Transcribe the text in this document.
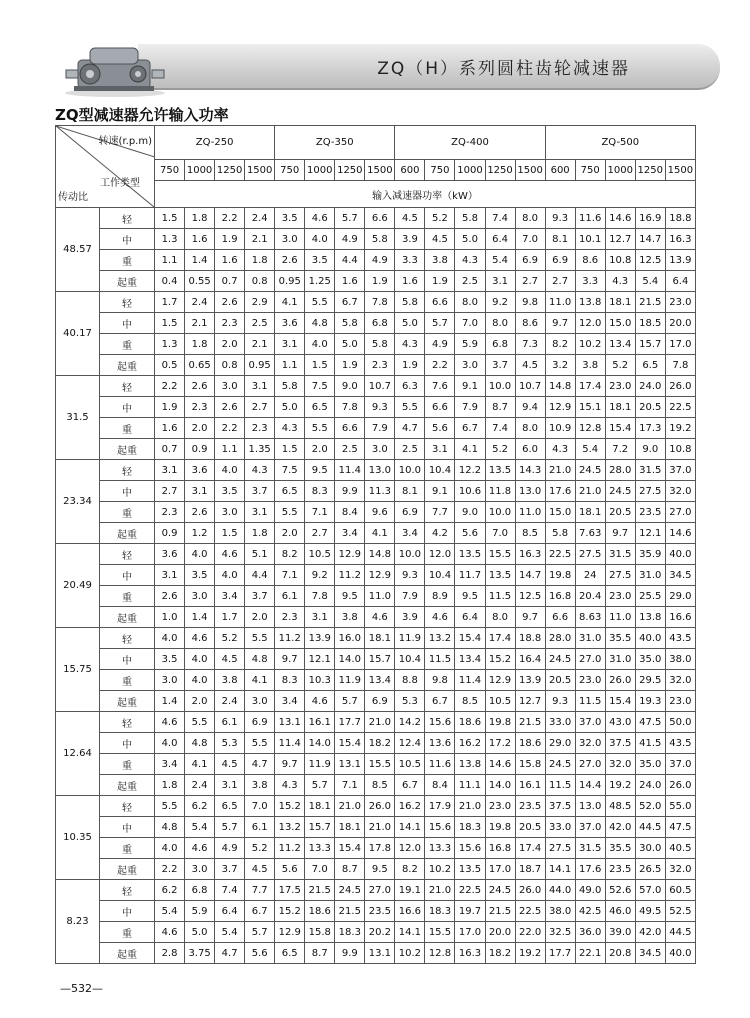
ZQ（H）系列圆柱齿轮减速器
ZQ型减速器允许输入功率
转速(r.p.m)
工作类型
传动比		ZQ-250				ZQ-350				ZQ-400					ZQ-500				
		750	1000	1250	1500	750	1000	1250	1500	600	750	1000	1250	1500	600	750	1000	1250	1500
		输入减速器功率（kW）																	
48.57	轻	1.5	1.8	2.2	2.4	3.5	4.6	5.7	6.6	4.5	5.2	5.8	7.4	8.0	9.3	11.6	14.6	16.9	18.8
	中	1.3	1.6	1.9	2.1	3.0	4.0	4.9	5.8	3.9	4.5	5.0	6.4	7.0	8.1	10.1	12.7	14.7	16.3
	重	1.1	1.4	1.6	1.8	2.6	3.5	4.4	4.9	3.3	3.8	4.3	5.4	6.9	6.9	8.6	10.8	12.5	13.9
	起重	0.4	0.55	0.7	0.8	0.95	1.25	1.6	1.9	1.6	1.9	2.5	3.1	2.7	2.7	3.3	4.3	5.4	6.4
40.17	轻	1.7	2.4	2.6	2.9	4.1	5.5	6.7	7.8	5.8	6.6	8.0	9.2	9.8	11.0	13.8	18.1	21.5	23.0
	中	1.5	2.1	2.3	2.5	3.6	4.8	5.8	6.8	5.0	5.7	7.0	8.0	8.6	9.7	12.0	15.0	18.5	20.0
	重	1.3	1.8	2.0	2.1	3.1	4.0	5.0	5.8	4.3	4.9	5.9	6.8	7.3	8.2	10.2	13.4	15.7	17.0
	起重	0.5	0.65	0.8	0.95	1.1	1.5	1.9	2.3	1.9	2.2	3.0	3.7	4.5	3.2	3.8	5.2	6.5	7.8
31.5	轻	2.2	2.6	3.0	3.1	5.8	7.5	9.0	10.7	6.3	7.6	9.1	10.0	10.7	14.8	17.4	23.0	24.0	26.0
	中	1.9	2.3	2.6	2.7	5.0	6.5	7.8	9.3	5.5	6.6	7.9	8.7	9.4	12.9	15.1	18.1	20.5	22.5
	重	1.6	2.0	2.2	2.3	4.3	5.5	6.6	7.9	4.7	5.6	6.7	7.4	8.0	10.9	12.8	15.4	17.3	19.2
	起重	0.7	0.9	1.1	1.35	1.5	2.0	2.5	3.0	2.5	3.1	4.1	5.2	6.0	4.3	5.4	7.2	9.0	10.8
23.34	轻	3.1	3.6	4.0	4.3	7.5	9.5	11.4	13.0	10.0	10.4	12.2	13.5	14.3	21.0	24.5	28.0	31.5	37.0
	中	2.7	3.1	3.5	3.7	6.5	8.3	9.9	11.3	8.1	9.1	10.6	11.8	13.0	17.6	21.0	24.5	27.5	32.0
	重	2.3	2.6	3.0	3.1	5.5	7.1	8.4	9.6	6.9	7.7	9.0	10.0	11.0	15.0	18.1	20.5	23.5	27.0
	起重	0.9	1.2	1.5	1.8	2.0	2.7	3.4	4.1	3.4	4.2	5.6	7.0	8.5	5.8	7.63	9.7	12.1	14.6
20.49	轻	3.6	4.0	4.6	5.1	8.2	10.5	12.9	14.8	10.0	12.0	13.5	15.5	16.3	22.5	27.5	31.5	35.9	40.0
	中	3.1	3.5	4.0	4.4	7.1	9.2	11.2	12.9	9.3	10.4	11.7	13.5	14.7	19.8	24	27.5	31.0	34.5
	重	2.6	3.0	3.4	3.7	6.1	7.8	9.5	11.0	7.9	8.9	9.5	11.5	12.5	16.8	20.4	23.0	25.5	29.0
	起重	1.0	1.4	1.7	2.0	2.3	3.1	3.8	4.6	3.9	4.6	6.4	8.0	9.7	6.6	8.63	11.0	13.8	16.6
15.75	轻	4.0	4.6	5.2	5.5	11.2	13.9	16.0	18.1	11.9	13.2	15.4	17.4	18.8	28.0	31.0	35.5	40.0	43.5
	中	3.5	4.0	4.5	4.8	9.7	12.1	14.0	15.7	10.4	11.5	13.4	15.2	16.4	24.5	27.0	31.0	35.0	38.0
	重	3.0	4.0	3.8	4.1	8.3	10.3	11.9	13.4	8.8	9.8	11.4	12.9	13.9	20.5	23.0	26.0	29.5	32.0
	起重	1.4	2.0	2.4	3.0	3.4	4.6	5.7	6.9	5.3	6.7	8.5	10.5	12.7	9.3	11.5	15.4	19.3	23.0
12.64	轻	4.6	5.5	6.1	6.9	13.1	16.1	17.7	21.0	14.2	15.6	18.6	19.8	21.5	33.0	37.0	43.0	47.5	50.0
	中	4.0	4.8	5.3	5.5	11.4	14.0	15.4	18.2	12.4	13.6	16.2	17.2	18.6	29.0	32.0	37.5	41.5	43.5
	重	3.4	4.1	4.5	4.7	9.7	11.9	13.1	15.5	10.5	11.6	13.8	14.6	15.8	24.5	27.0	32.0	35.0	37.0
	起重	1.8	2.4	3.1	3.8	4.3	5.7	7.1	8.5	6.7	8.4	11.1	14.0	16.1	11.5	14.4	19.2	24.0	26.0
10.35	轻	5.5	6.2	6.5	7.0	15.2	18.1	21.0	26.0	16.2	17.9	21.0	23.0	23.5	37.5	13.0	48.5	52.0	55.0
	中	4.8	5.4	5.7	6.1	13.2	15.7	18.1	21.0	14.1	15.6	18.3	19.8	20.5	33.0	37.0	42.0	44.5	47.5
	重	4.0	4.6	4.9	5.2	11.2	13.3	15.4	17.8	12.0	13.3	15.6	16.8	17.4	27.5	31.5	35.5	30.0	40.5
	起重	2.2	3.0	3.7	4.5	5.6	7.0	8.7	9.5	8.2	10.2	13.5	17.0	18.7	14.1	17.6	23.5	26.5	32.0
8.23	轻	6.2	6.8	7.4	7.7	17.5	21.5	24.5	27.0	19.1	21.0	22.5	24.5	26.0	44.0	49.0	52.6	57.0	60.5
	中	5.4	5.9	6.4	6.7	15.2	18.6	21.5	23.5	16.6	18.3	19.7	21.5	22.5	38.0	42.5	46.0	49.5	52.5
	重	4.6	5.0	5.4	5.7	12.9	15.8	18.3	20.2	14.1	15.5	17.0	20.0	22.0	32.5	36.0	39.0	42.0	44.5
	起重	2.8	3.75	4.7	5.6	6.5	8.7	9.9	13.1	10.2	12.8	16.3	18.2	19.2	17.7	22.1	20.8	34.5	40.0
—532—
